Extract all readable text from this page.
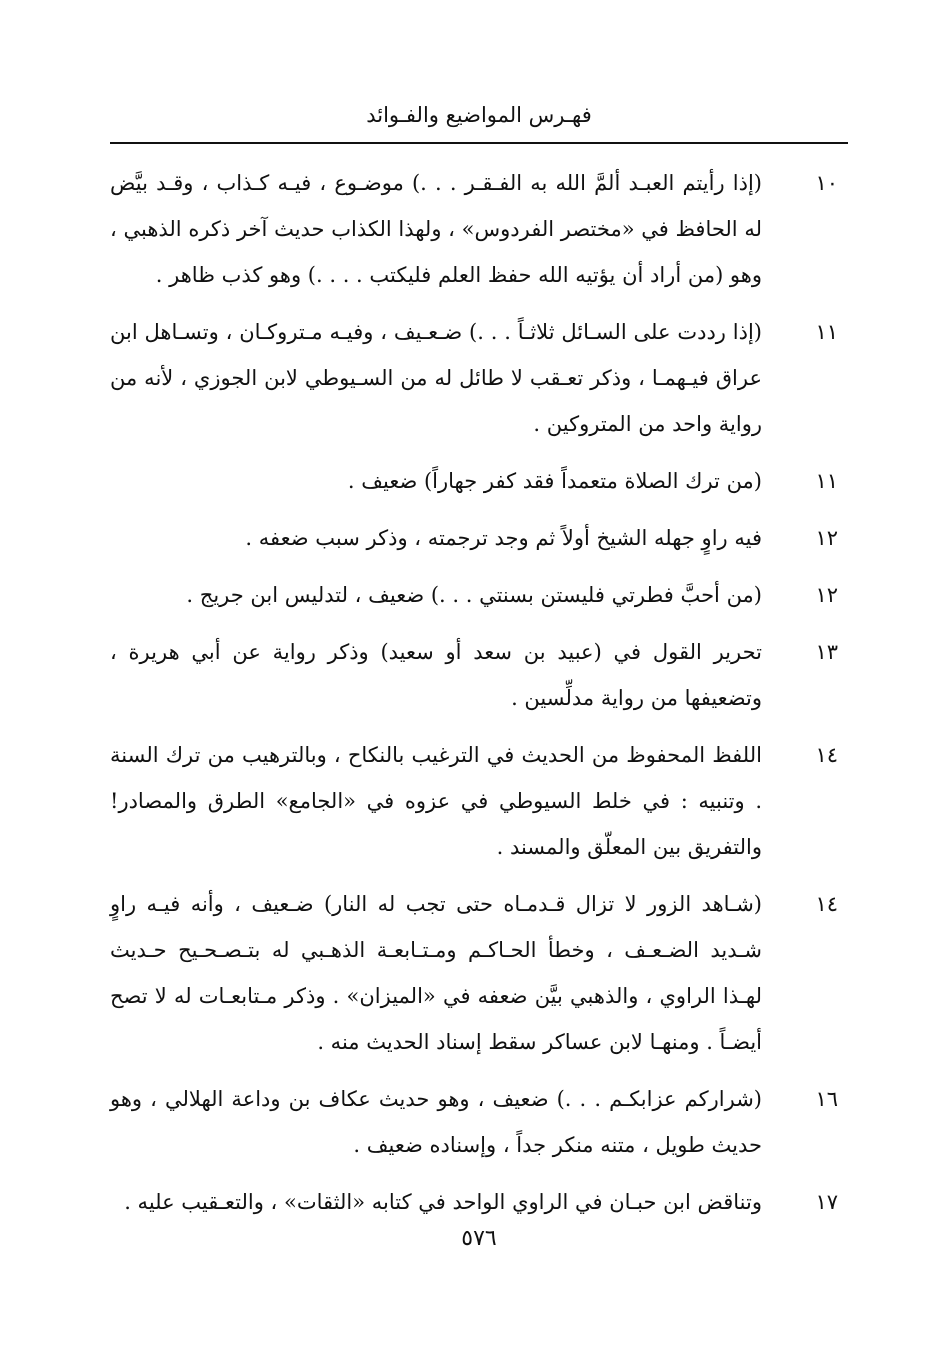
فهـرس المواضيع والفـوائد
١٠
(إذا رأيتم العبـد ألمَّ الله به الفـقـر . . .) موضـوع ، فيـه كـذاب ، وقـد بيَّض له الحافظ في «مختصر الفردوس» ، ولهذا الكذاب حديث آخر ذكره الذهبي ، وهو (من أراد أن يؤتيه الله حفظ العلم فليكتب . . . .) وهو كذب ظاهر .
١١
(إذا رددت على السـائل ثلاثـاً . . .) ضـعـيف ، وفيـه مـتروكـان ، وتسـاهل ابن عراق فيـهمـا ، وذكر تعـقب لا طائل له من السـيوطي لابن الجوزي ، لأنه من رواية واحد من المتروكين .
١١
(من ترك الصلاة متعمداً فقد كفر جهاراً) ضعيف .
١٢
فيه راوٍ جهله الشيخ أولاً ثم وجد ترجمته ، وذكر سبب ضعفه .
١٢
(من أحبَّ فطرتي فليستن بسنتي . . .) ضعيف ، لتدليس ابن جريج .
١٣
تحرير القول في (عبيد بن سعد أو سعيد) وذكر رواية عن أبي هريرة ، وتضعيفها من رواية مدلِّسين .
١٤
اللفظ المحفوظ من الحديث في الترغيب بالنكاح ، وبالترهيب من ترك السنة . وتنبيه : في خلط السيوطي في عزوه في «الجامع» الطرق والمصادر! والتفريق بين المعلّق والمسند .
١٤
(شـاهد الزور لا تزال قـدمـاه حتى تجب له النار) ضـعيف ، وأنه فيـه راوٍ شـديد الضـعـف ، وخطأ الحـاكـم ومـتـابعـة الذهـبي له بتـصـحـيح حـديث لهـذا الراوي ، والذهبي بيَّن ضعفه في «الميزان» . وذكر مـتابعـات له لا تصح أيضـاً . ومنهـا لابن عساكر سقط إسناد الحديث منه .
١٦
(شراركم عزابكـم . . .) ضعيف ، وهو حديث عكاف بن وداعة الهلالي ، وهو حديث طويل ، متنه منكر جداً ، وإسناده ضعيف .
١٧
وتناقض ابن حبـان في الراوي الواحد في كتابه «الثقات» ، والتعـقيب عليه .
٥٧٦
